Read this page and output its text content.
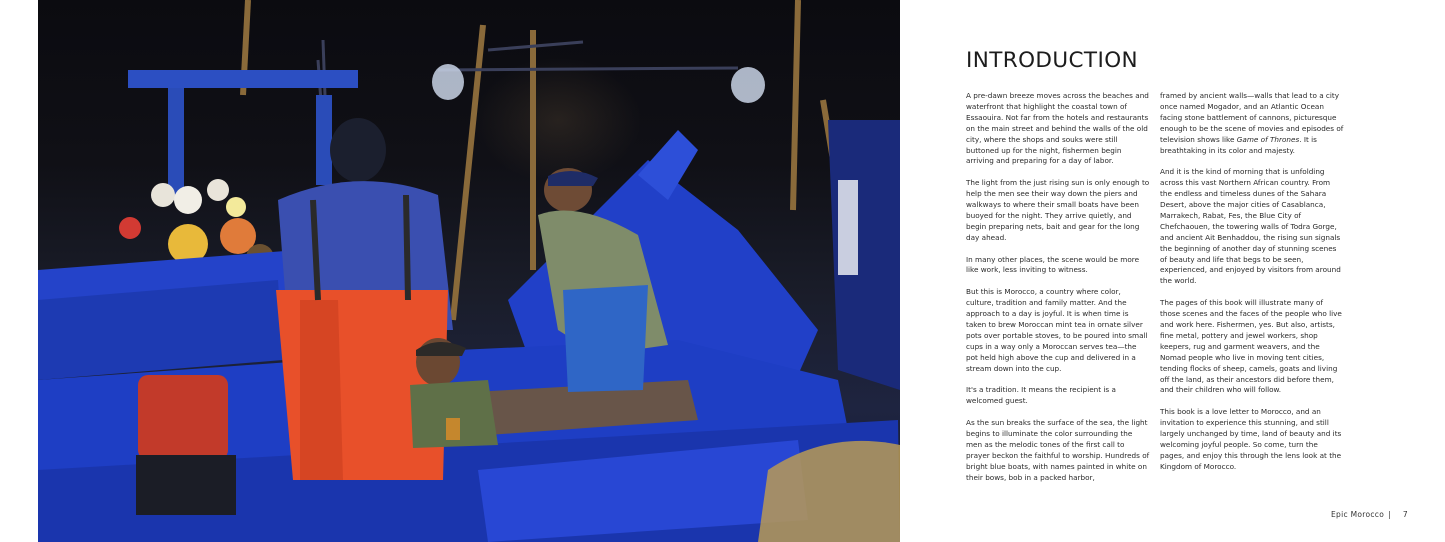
INTRODUCTION

A pre-dawn breeze moves across the beaches and waterfront that highlight the coastal town of Essaouira. Not far from the hotels and restaurants on the main street and behind the walls of the old city, where the shops and souks were still buttoned up for the night, fishermen begin arriving and preparing for a day of labor.

The light from the just rising sun is only enough to help the men see their way down the piers and walkways to where their small boats have been buoyed for the night. They arrive quietly, and begin preparing nets, bait and gear for the long day ahead.

In many other places, the scene would be more like work, less inviting to witness.

But this is Morocco, a country where color, culture, tradition and family matter. And the approach to a day is joyful. It is when time is taken to brew Moroccan mint tea in ornate silver pots over portable stoves, to be poured into small cups in a way only a Moroccan serves tea—the pot held high above the cup and delivered in a stream down into the cup.

It's a tradition. It means the recipient is a welcomed guest.

As the sun breaks the surface of the sea, the light begins to illuminate the color surrounding the men as the melodic tones of the first call to prayer beckon the faithful to worship. Hundreds of bright blue boats, with names painted in white on their bows, bob in a packed harbor,

framed by ancient walls—walls that lead to a city once named Mogador, and an Atlantic Ocean facing stone battlement of cannons, picturesque enough to be the scene of movies and episodes of television shows like Game of Thrones. It is breathtaking in its color and majesty.

And it is the kind of morning that is unfolding across this vast Northern African country. From the endless and timeless dunes of the Sahara Desert, above the major cities of Casablanca, Marrakech, Rabat, Fes, the Blue City of Chefchaouen, the towering walls of Todra Gorge, and ancient Ait Benhaddou, the rising sun signals the beginning of another day of stunning scenes of beauty and life that begs to be seen, experienced, and enjoyed by visitors from around the world.

The pages of this book will illustrate many of those scenes and the faces of the people who live and work here. Fishermen, yes. But also, artists, fine metal, pottery and jewel workers, shop keepers, rug and garment weavers, and the Nomad people who live in moving tent cities, tending flocks of sheep, camels, goats and living off the land, as their ancestors did before them, and their children who will follow.

This book is a love letter to Morocco, and an invitation to experience this stunning, and still largely unchanged by time, land of beauty and its welcoming joyful people. So come, turn the pages, and enjoy this through the lens look at the Kingdom of Morocco.

Epic Morocco | 7
